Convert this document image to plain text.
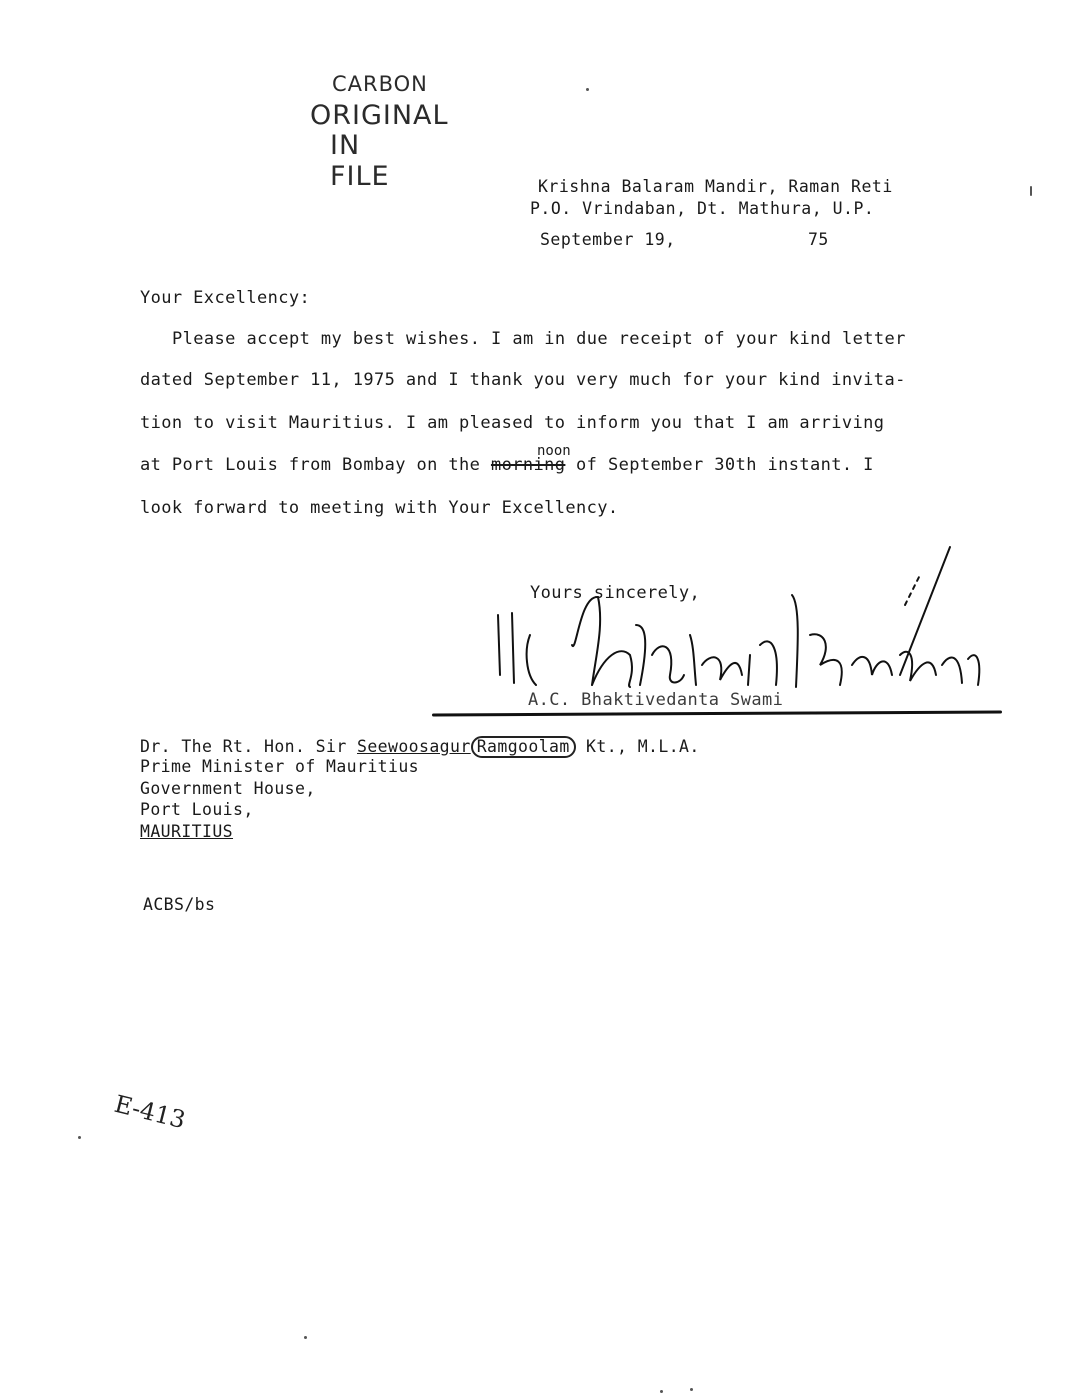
CARBON
ORIGINAL
IN FILE	Krishna Balaram Mandir, Raman Reti
P.O. Vrindaban, Dt. Mathura, U.P.
September 19,	75
Your Excellency:
Please accept my best wishes. I am in due receipt of your kind letter
dated September 11, 1975 and I thank you very much for your kind invita-
tion to visit Mauritius. I am pleased to inform you that I am arriving
at Port Louis from Bombay on the morning of September 30th instant. I
noon
look forward to meeting with Your Excellency.
Yours sincerely,
A.C. Bhaktivedanta Swami
Dr. The Rt. Hon. Sir Seewoosagur Ramgoolam Kt., M.L.A.
Prime Minister of Mauritius
Government House,
Port Louis,
MAURITIUS
ACBS/bs
E-413
